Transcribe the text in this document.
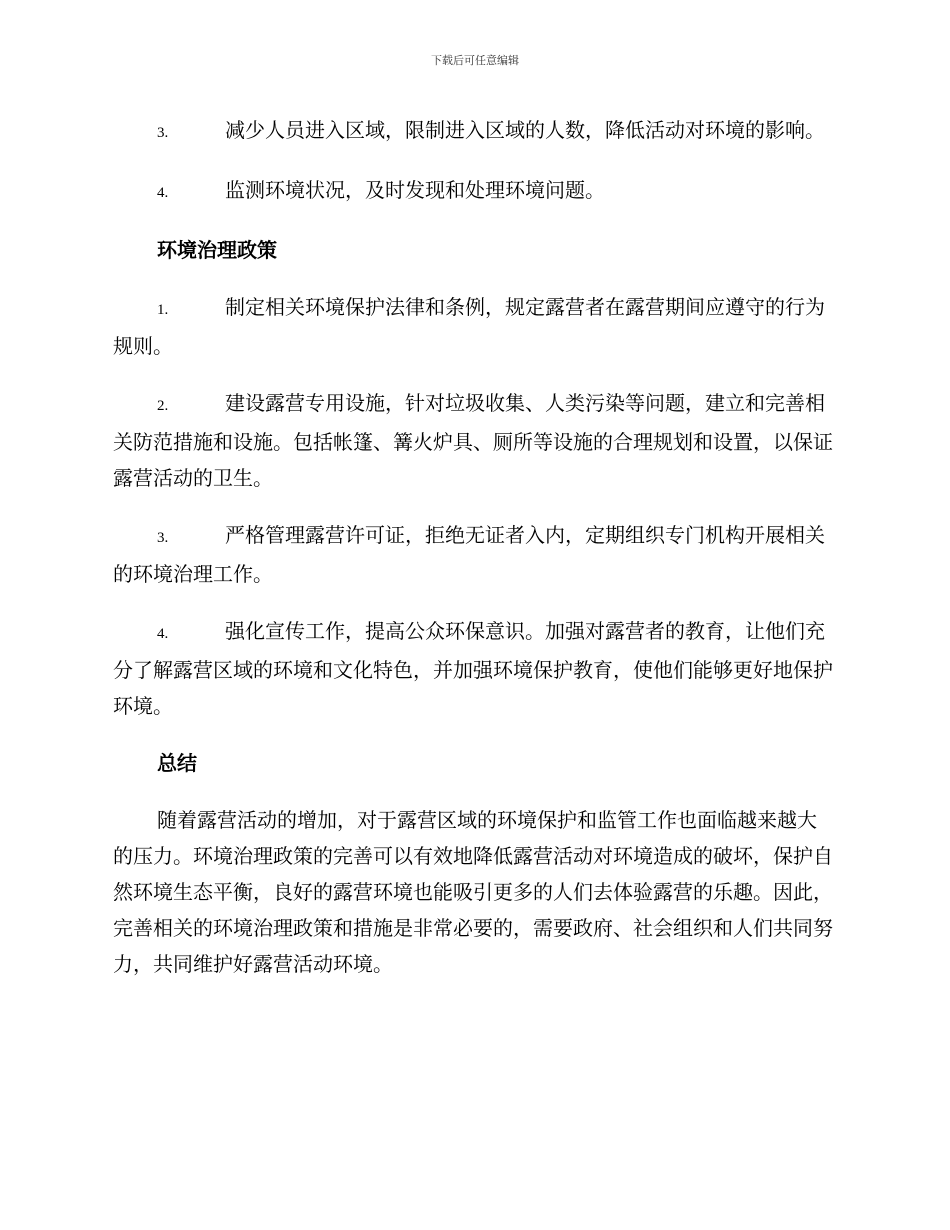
下载后可任意编辑

3.	减少人员进入区域，限制进入区域的人数，降低活动对环境的影响。

4.	监测环境状况，及时发现和处理环境问题。

环境治理政策

1.	制定相关环境保护法律和条例，规定露营者在露营期间应遵守的行为规则。

2.	建设露营专用设施，针对垃圾收集、人类污染等问题，建立和完善相关防范措施和设施。包括帐篷、篝火炉具、厕所等设施的合理规划和设置，以保证露营活动的卫生。

3.	严格管理露营许可证，拒绝无证者入内，定期组织专门机构开展相关的环境治理工作。

4.	强化宣传工作，提高公众环保意识。加强对露营者的教育，让他们充分了解露营区域的环境和文化特色，并加强环境保护教育，使他们能够更好地保护环境。

总结

随着露营活动的增加，对于露营区域的环境保护和监管工作也面临越来越大的压力。环境治理政策的完善可以有效地降低露营活动对环境造成的破坏，保护自然环境生态平衡，良好的露营环境也能吸引更多的人们去体验露营的乐趣。因此，完善相关的环境治理政策和措施是非常必要的，需要政府、社会组织和人们共同努力，共同维护好露营活动环境。
